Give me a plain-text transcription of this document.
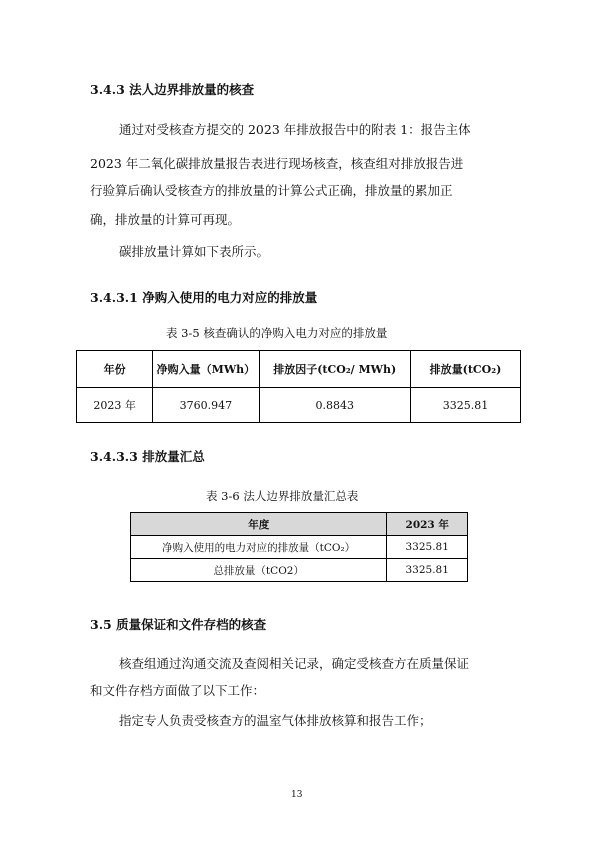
3.4.3 法人边界排放量的核查
通过对受核查方提交的 2023 年排放报告中的附表 1：报告主体
2023 年二氧化碳排放量报告表进行现场核查，核查组对排放报告进
行验算后确认受核查方的排放量的计算公式正确，排放量的累加正
确，排放量的计算可再现。
碳排放量计算如下表所示。
3.4.3.1 净购入使用的电力对应的排放量
表 3-5 核查确认的净购入电力对应的排放量
年份	净购入量（MWh）	排放因子(tCO₂/ MWh)	排放量(tCO₂)
2023 年	3760.947	0.8843	3325.81
3.4.3.3 排放量汇总
表 3-6 法人边界排放量汇总表
年度	2023 年
净购入使用的电力对应的排放量（tCO₂）	3325.81
总排放量（tCO2）	3325.81
3.5 质量保证和文件存档的核查
核查组通过沟通交流及查阅相关记录，确定受核查方在质量保证
和文件存档方面做了以下工作：
指定专人负责受核查方的温室气体排放核算和报告工作；
13
